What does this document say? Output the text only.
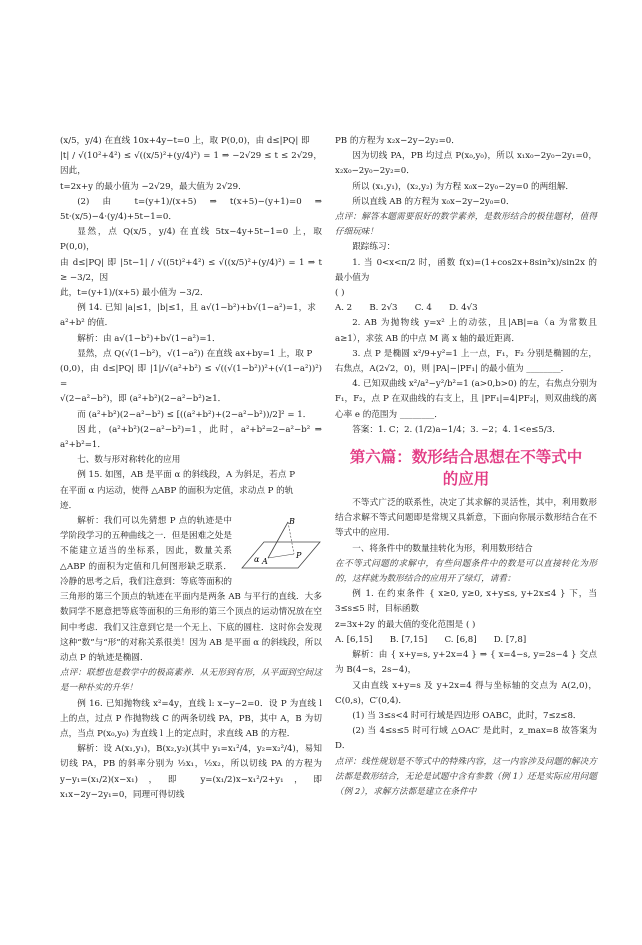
(x/5，y/4) 在直线 10x+4y−t=0 上，取 P(0,0)，由 d≤|PQ| 即

|t| / √(10²+4²) ≤ √((x/5)²+(y/4)²) = 1 ⇒ −2√29 ≤ t ≤ 2√29，因此，

t=2x+y 的最小值为 −2√29，最大值为 2√29．

(2) 由 t=(y+1)/(x+5) ⇒ t(x+5)−(y+1)=0 ⇒ 5t·(x/5)−4·(y/4)+5t−1=0．

显然，点 Q(x/5，y/4) 在直线 5tx−4y+5t−1=0 上，取 P(0,0)，

由 d≤|PQ| 即 |5t−1| / √((5t)²+4²) ≤ √((x/5)²+(y/4)²) = 1 ⇒ t ≥ −3/2，因

此，t=(y+1)/(x+5) 最小值为 −3/2．

例 14. 已知 |a|≤1，|b|≤1，且 a√(1−b²)+b√(1−a²)=1，求

a²+b² 的值．

解析：由 a√(1−b²)+b√(1−a²)=1．

显然，点 Q(√(1−b²)，√(1−a²)) 在直线 ax+by=1 上，取 P

(0,0)，由 d≤|PQ| 即 |1|/√(a²+b²) ≤ √((√(1−b²))²+(√(1−a²))²) =

√(2−a²−b²)，即 (a²+b²)(2−a²−b²)≥1．

而 (a²+b²)(2−a²−b²) ≤ [((a²+b²)+(2−a²−b²))/2]² = 1．

因此，(a²+b²)(2−a²−b²)=1，此时，a²+b²=2−a²−b² ⇒ a²+b²=1．

七、数与形对称转化的应用

例 15. 如图，AB 是平面 α 的斜线段，A 为斜足，若点 P

在平面 α 内运动，使得 △ABP 的面积为定值，求动点 P 的轨

迹．

α A
B
P
解析：我们可以先猜想 P 点的轨迹是中学阶段学习的五种曲线之一．但是困难之处是不能建立适当的坐标系，因此，数量关系 △ABP 的面积为定值和几何图形缺乏联系．冷静的思考之后，我们注意到：等底等面积的三角形的第三个顶点的轨迹在平面内是两条 AB 与平行的直线．大多数同学不愿意把等底等面积的三角形的第三个顶点的运动情况放在空间中考虑．我们又注意到它是一个无上、下底的圆柱．这时你会发现这种“数”与“形”的对称关系很美！因为 AB 是平面 α 的斜线段，所以动点 P 的轨迹是椭圆．

点评：联想也是数学中的极高素养．从无形到有形，从平面到空间这是一种朴实的升华！

例 16. 已知抛物线 x²=4y，直线 l: x−y−2=0．设 P 为直线 l 上的点，过点 P 作抛物线 C 的两条切线 PA，PB，其中 A，B 为切点，当点 P(x₀,y₀) 为直线 l 上的定点时，求直线 AB 的方程．

解析：设 A(x₁,y₁)，B(x₂,y₂)(其中 y₁=x₁²/4，y₂=x₂²/4)，易知切线 PA，PB 的斜率分别为 ½x₁，½x₂，所以切线 PA 的方程为 y−y₁=(x₁/2)(x−x₁)，即 y=(x₁/2)x−x₁²/2+y₁，即 x₁x−2y−2y₁=0，同理可得切线

PB 的方程为 x₂x−2y−2y₂=0．

因为切线 PA，PB 均过点 P(x₀,y₀)，所以 x₁x₀−2y₀−2y₁=0，x₂x₀−2y₀−2y₂=0．

所以 (x₁,y₁)，(x₂,y₂) 为方程 x₀x−2y₀−2y=0 的两组解．

所以直线 AB 的方程为 x₀x−2y−2y₀=0．

点评：解答本题需要很好的数学素养，是数形结合的极佳题材，值得仔细玩味！

跟踪练习：

1. 当 0<x<π/2 时，函数 f(x)=(1+cos2x+8sin²x)/sin2x 的最小值为

( )

A. 2　　B. 2√3　　C. 4　　D. 4√3

2. AB 为抛物线 y=x² 上的动弦，且|AB|=a（a 为常数且 a≥1），求弦 AB 的中点 M 离 x 轴的最近距离．

3. 点 P 是椭圆 x²/9+y²=1 上一点，F₁，F₂ 分别是椭圆的左，右焦点，A(2√2，0)，则 |PA|−|PF₁| 的最小值为 ________．

4. 已知双曲线 x²/a²−y²/b²=1 (a>0,b>0) 的左，右焦点分别为 F₁，F₂，点 P 在双曲线的右支上，且 |PF₁|=4|PF₂|，则双曲线的离心率 e 的范围为 ________．

答案：1. C；2. (1/2)a−1/4；3. −2；4. 1<e≤5/3．

第六篇：数形结合思想在不等式中
的应用

不等式广泛的联系性，决定了其求解的灵活性，其中，利用数形结合求解不等式问题即是常规又具新意，下面向你展示数形结合在不等式中的应用．

一、将条件中的数量挂转化为形，利用数形结合

在不等式问题的求解中，有些问题条件中的数是可以直接转化为形的，这样就为数形结合的应用开了绿灯，请看：

例 1. 在约束条件 { x≥0, y≥0, x+y≤s, y+2x≤4 } 下，当 3≤s≤5 时，目标函数

z=3x+2y 的最大值的变化范围是 ( )

A. [6,15]　　B. [7,15]　　C. [6,8]　　D. [7,8]

解析：由 { x+y=s, y+2x=4 } ⇒ { x=4−s, y=2s−4 } 交点为 B(4−s，2s−4)，

又由直线 x+y=s 及 y+2x=4 得与坐标轴的交点为 A(2,0)，C(0,s)，C′(0,4)．

(1) 当 3≤s<4 时可行域是四边形 OABC，此时，7≤z≤8．

(2) 当 4≤s≤5 时可行域 △OAC′ 是此时，z_max=8 故答案为 D．

点评：线性规划是不等式中的特殊内容，这一内容涉及问题的解决方法都是数形结合，无论是试题中含有参数（例 1）还是实际应用问题（例 2），求解方法都是建立在条件中
